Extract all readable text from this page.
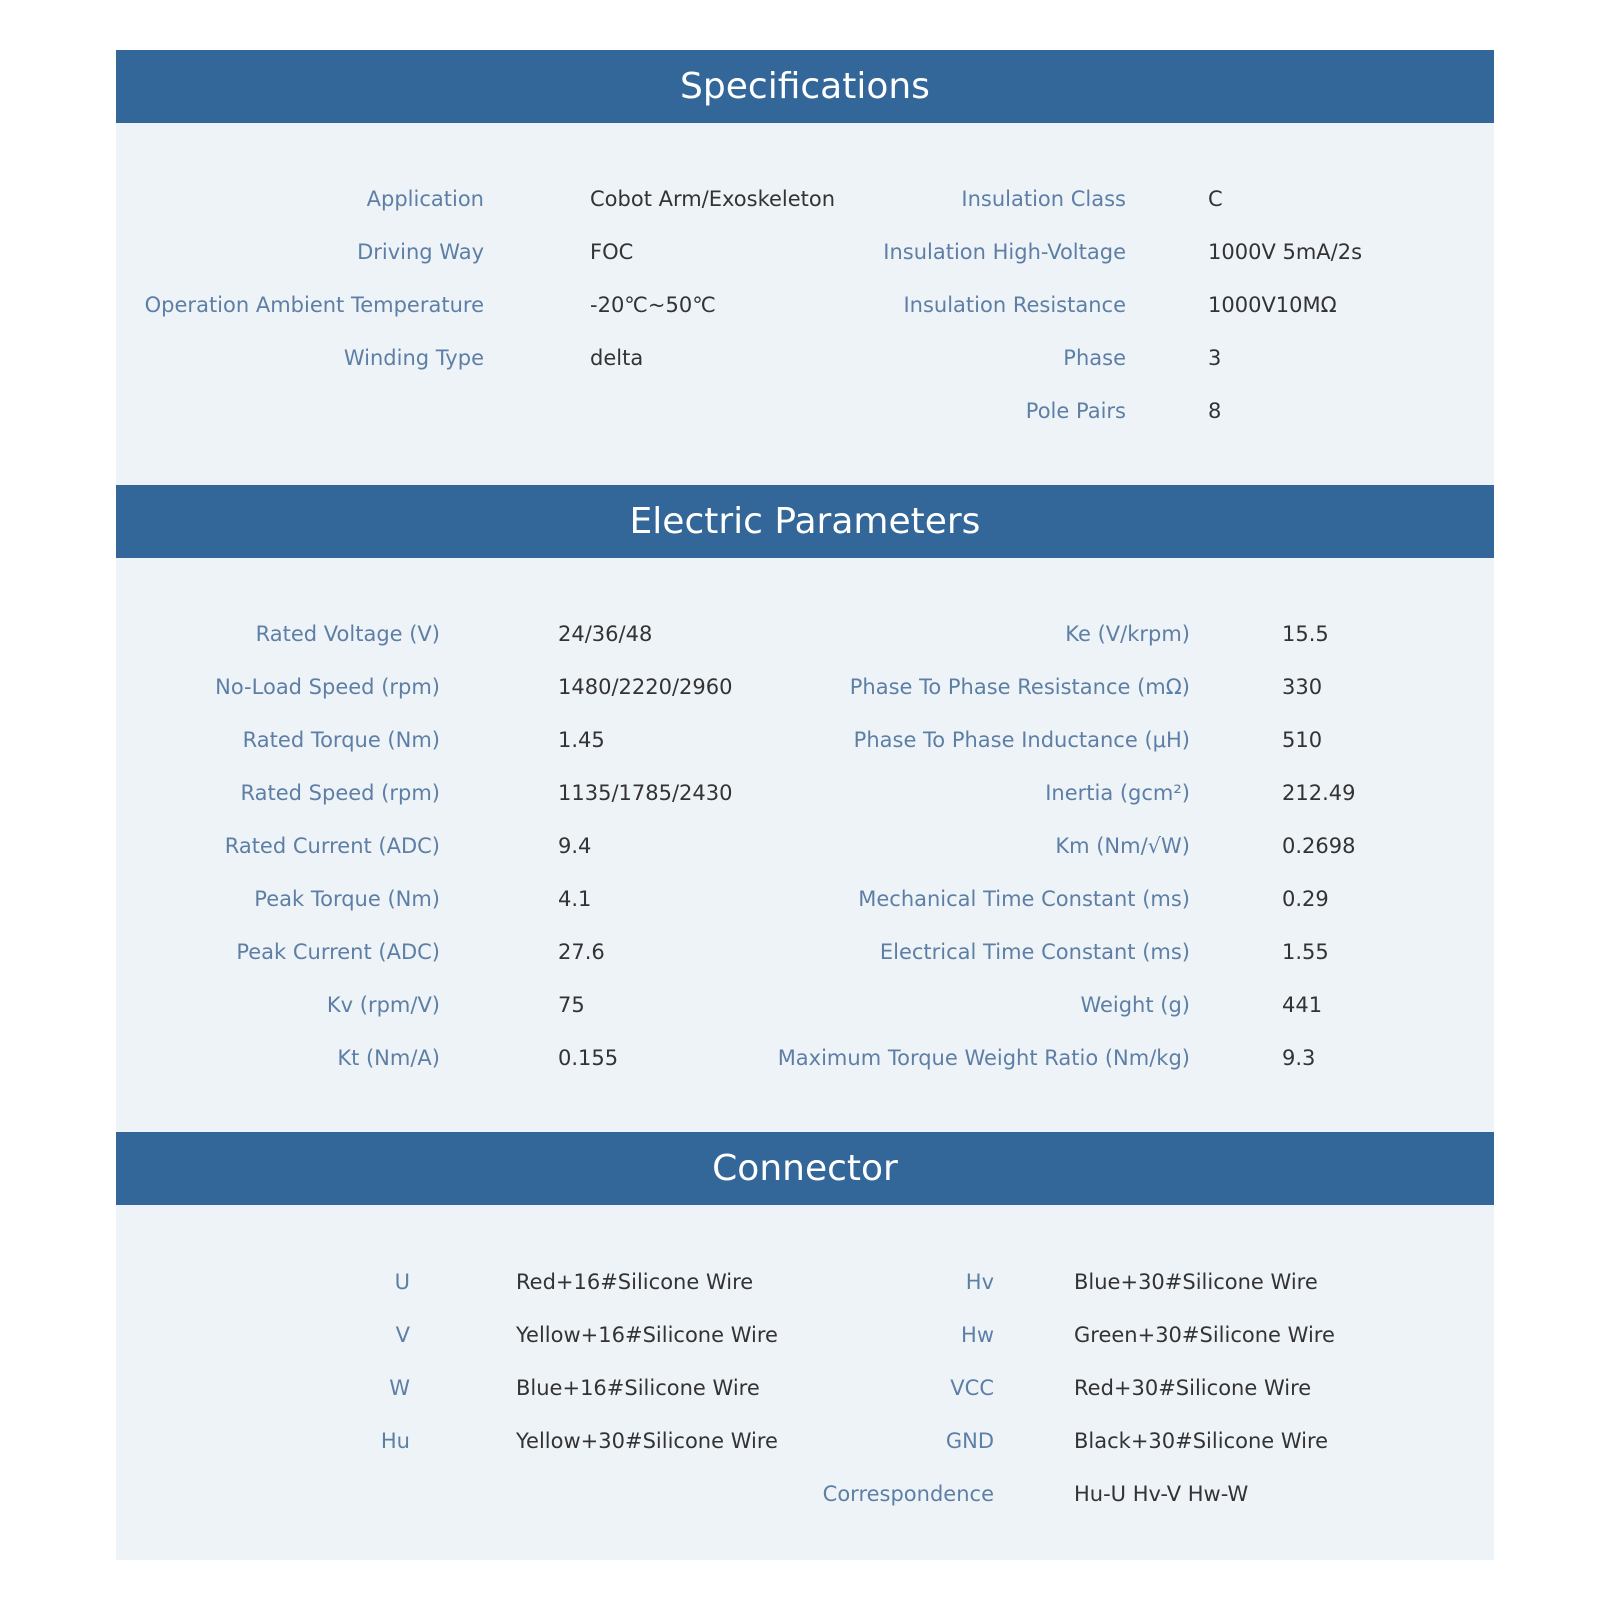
Specifications
Application	Cobot Arm/Exoskeleton
Driving Way	FOC
Operation Ambient Temperature	-20℃~50℃
Winding Type	delta
Insulation Class	C
Insulation High-Voltage	1000V 5mA/2s
Insulation Resistance	1000V10MΩ
Phase	3
Pole Pairs	8
Electric Parameters
Rated Voltage (V)	24/36/48
No-Load Speed (rpm)	1480/2220/2960
Rated Torque (Nm)	1.45
Rated Speed (rpm)	1135/1785/2430
Rated Current (ADC)	9.4
Peak Torque (Nm)	4.1
Peak Current (ADC)	27.6
Kv (rpm/V)	75
Kt (Nm/A)	0.155
Ke (V/krpm)	15.5
Phase To Phase Resistance (mΩ)	330
Phase To Phase Inductance (μH)	510
Inertia (gcm²)	212.49
Km (Nm/√W)	0.2698
Mechanical Time Constant (ms)	0.29
Electrical Time Constant (ms)	1.55
Weight (g)	441
Maximum Torque Weight Ratio (Nm/kg)	9.3
Connector
U	Red+16#Silicone Wire
V	Yellow+16#Silicone Wire
W	Blue+16#Silicone Wire
Hu	Yellow+30#Silicone Wire
Hv	Blue+30#Silicone Wire
Hw	Green+30#Silicone Wire
VCC	Red+30#Silicone Wire
GND	Black+30#Silicone Wire
Correspondence	Hu-U Hv-V Hw-W
